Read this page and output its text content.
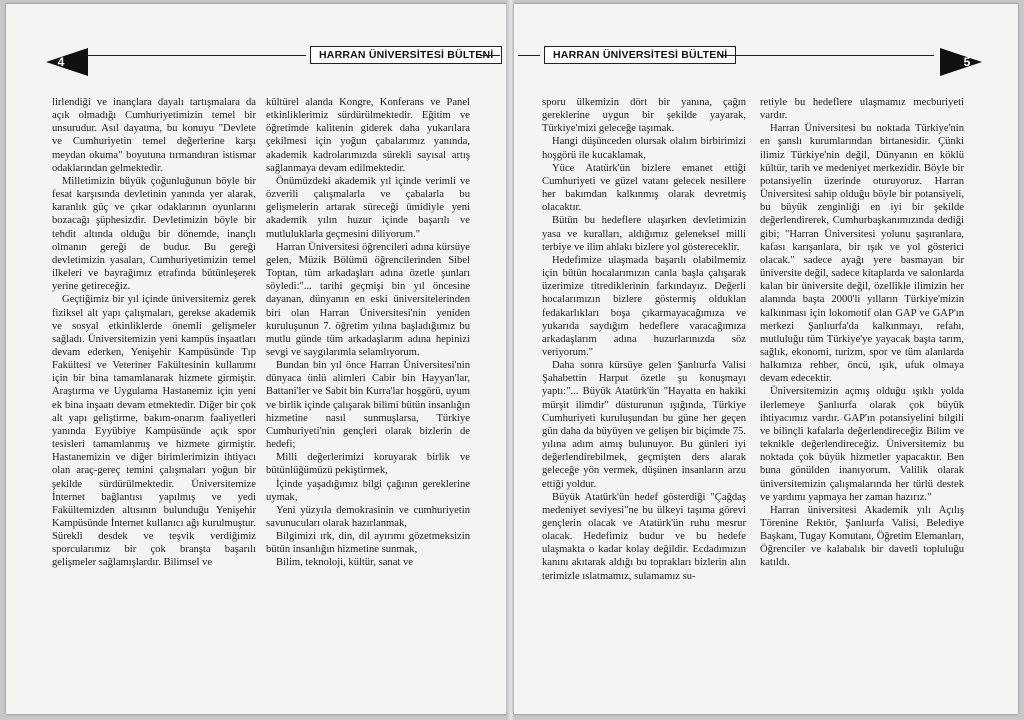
4	HARRAN ÜNİVERSİTESİ BÜLTENİ

lirlendiği ve inançlara dayalı tartışmalara da açık olmadığı Cumhuriyetimizin temel bir unsurudur. Asıl dayatma, bu konuyu "Devlete ve Cumhuriyetin temel değerlerine karşı meydan okuma" boyutuna tırmandıran istismar odaklarından gelmektedir.

Milletimizin büyük çoğunluğunun böyle bir fesat karşısında devletinin yanında yer alarak, karanlık güç ve çıkar odaklarının oyunlarını bozacağı şüphesizdir. Devletimizin böyle bir tehdit altında olduğu bir dönemde, inançlı olmanın gereği de budur. Bu gereği devletimizin yasaları, Cumhuriyetimizin temel ilkeleri ve bayrağımız etrafında bütünleşerek yerine getireceğiz.

Geçtiğimiz bir yıl içinde üniversitemiz gerek fiziksel alt yapı çalışmaları, gerekse akademik ve sosyal etkinliklerde önemli gelişmeler sağladı. Üniversitemizin yeni kampüs inşaatları devam ederken, Yenişehir Kampüsünde Tıp Fakültesi ve Veteriner Fakültesinin kullanımı için bir bina tamamlanarak hizmete girmiştir. Araştırma ve Uygulama Hastanemiz için yeni ek bina inşaatı devam etmektedir. Diğer bir çok alt yapı geliştirme, bakım-onarım faaliyetleri yanında Eyyübiye Kampüsünde açık spor tesisleri tamamlanmış ve hizmete girmiştir. Hastanemizin ve diğer birimlerimizin ihtiyacı olan araç-gereç temini çalışmaları yoğun bir şekilde sürdürülmektedir. Üniversitemize İnternet bağlantısı yapılmış ve yedi Fakültemizden altısının bulunduğu Yenişehir Kampüsünde İnternet kullanıcı ağı kurulmuştur. Sürekli desdek ve teşvik verdiğimiz sporcularımız bir çok branşta başarılı gelişmeler sağlamışlardır. Bilimsel ve

kültürel alanda Kongre, Konferans ve Panel etkinliklerimiz sürdürülmektedir. Eğitim ve öğretimde kalitenin giderek daha yukarılara çekilmesi için yoğun çabalarımız yanında, akademik kadrolarımızda sürekli sayısal artış sağlanmaya devam edilmektedir.

Önümüzdeki akademik yıl içinde verimli ve özverili çalışmalarla ve çabalarla bu gelişmelerin artarak süreceği ümidiyle yeni akademik yılın huzur içinde başarılı ve mutluluklarla geçmesini diliyorum."

Harran Üniversitesi öğrencileri adına kürsüye gelen, Müzik Bölümü öğrencilerinden Sibel Toptan, tüm arkadaşları adına özetle şunları söyledi:"... tarihi geçmişi bin yıl öncesine dayanan, dünyanın en eski üniversitelerinden biri olan Harran Üniversitesi'nin yeniden kuruluşunun 7. öğretim yılına başladığımız bu mutlu günde tüm arkadaşlarım adına hepinizi sevgi ve saygılarımla selamlıyorum.

Bundan bin yıl önce Harran Üniversitesi'nin dünyaca ünlü alimleri Cabir bin Hayyan'lar, Battani'ler ve Sabit bin Kurra'lar hoşgörü, uyum ve birlik içinde çalışarak bilimi bütün insanlığın hizmetine nasıl sunmuşlarsa, Türkiye Cumhuriyeti'nin gençleri olarak bizlerin de hedefi;

Milli değerlerimizi koruyarak birlik ve bütünlüğümüzü pekiştirmek,

İçinde yaşadığımız bilgi çağının gereklerine uymak,

Yeni yüzyıla demokrasinin ve cumhuriyetin savunucuları olarak hazırlanmak,

Bilgimizi ırk, din, dil ayırımı gözetmeksizin bütün insanlığın hizmetine sunmak,

Bilim, teknoloji, kültür, sanat ve

HARRAN ÜNİVERSİTESİ BÜLTENİ	5

sporu ülkemizin dört bir yanına, çağın gereklerine uygun bir şekilde yayarak, Türkiye'mizi geleceğe taşımak.

Hangi düşünceden olursak olalım birbirimizi hoşgörü ile kucaklamak,

Yüce Atatürk'ün bizlere emanet ettiği Cumhuriyeti ve güzel vatanı gelecek nesillere her bakımdan kalkınmış olarak devretmiş olacaktır.

Bütün bu hedeflere ulaşırken devletimizin yasa ve kuralları, aldığımız geleneksel milli terbiye ve ilim ahlakı bizlere yol göstereceklir.

Hedefimize ulaşmada başarılı olabilmemiz için bütün hocalarımızın canla başla çalışarak üzerimize titrediklerinin farkındayız. Değerli hocalarımızın bizlere göstermiş olduklan fedakarlıkları boşa çıkarmayacağımıza ve yukarıda saydığım hedeflere varacağımıza arkadaşlarım adına huzurlarınızda söz veriyorum."

Daha sonra kürsüye gelen Şanlıurfa Valisi Şahabettin Harput özetle şu konuşmayı yaptı:"... Büyük Atatürk'ün "Hayatta en hakiki mürşit ilimdir" düsturunun ışığında, Türkiye Cumhuriyeti kuruluşundan bu güne her geçen gün daha da büyüyen ve gelişen bir biçimde 75. yılına adım atmış bulunuyor. Bu günleri iyi değerlendirebilmek, geçmişten ders alarak geleceğe yön vermek, düşünen insanların arzu ettiği yoldur.

Büyük Atatürk'ün hedef gösterdiği "Çağdaş medeniyet seviyesi"ne bu ülkeyi taşıma görevi gençlerin olacak ve Atatürk'ün ruhu mesrur olacak. Hedefimiz budur ve bu hedefe ulaşmakta o kadar kolay değildir. Ecdadımızın kanını akıtarak aldığı bu toprakları bizlerin alın terimizle ıslatmamız, sulamamız su-

retiyle bu hedeflere ulaşmamız mecburiyeti vardır.

Harran Üniversitesi bu noktada Türkiye'nin en şanslı kurumlarından birtanesidir. Çünki ilimiz Türkiye'nin değil, Dünyanın en köklü kültür, tarih ve medeniyet merkezidir. Böyle bir potansiyelin üzerinde oturuyoruz. Harran Üniversitesi sahip olduğu böyle bir potansiyeli, bu büyük zenginliği en iyi bir şekilde değerlendirerek, Cumhurbaşkanımızında dediği gibi; "Harran Üniversitesi yolunu şaşıranlara, kafası karışanlara, bir ışık ve yol gösterici olacak." sadece ayağı yere basmayan bir üniversite değil, sadece kitaplarda ve salonlarda kalan bir üniversite değil, özellikle ilimizin her alanında başta 2000'li yılların Türkiye'mizin kalkınması için lokomotif olan GAP ve GAP'ın merkezi Şanlıurfa'da kalkınmayı, refahı, mutluluğu tüm Türkiye'ye yayacak başta tarım, sağlık, ekonomi, turizm, spor ve tüm alanlarda halkımıza rehber, öncü, ışık, ufuk olmaya devam edecektir.

Üniversitemizin açmış olduğu ışıklı yolda ilerlemeye Şanlıurfa olarak çok büyük ihtiyacımız vardır. GAP'ın potansiyelini bilgili ve bilinçli kafalarla değerlendireceğiz Bilim ve teknikle değerlendireceğiz. Üniversitemiz bu noktada çok büyük hizmetler yapacaktır. Ben buna gönülden inanıyorum. Valilik olarak üniversitemizin çalışmalarında her türlü destek ve yardımı yapmaya her zaman hazırız."

Harran üniversitesi Akademik yılı Açılış Törenine Rektör, Şanlıurfa Valisi, Belediye Başkanı, Tugay Komutanı, Öğretim Elemanları, Öğrenciler ve kalabalık bir davetli topluluğu katıldı.
